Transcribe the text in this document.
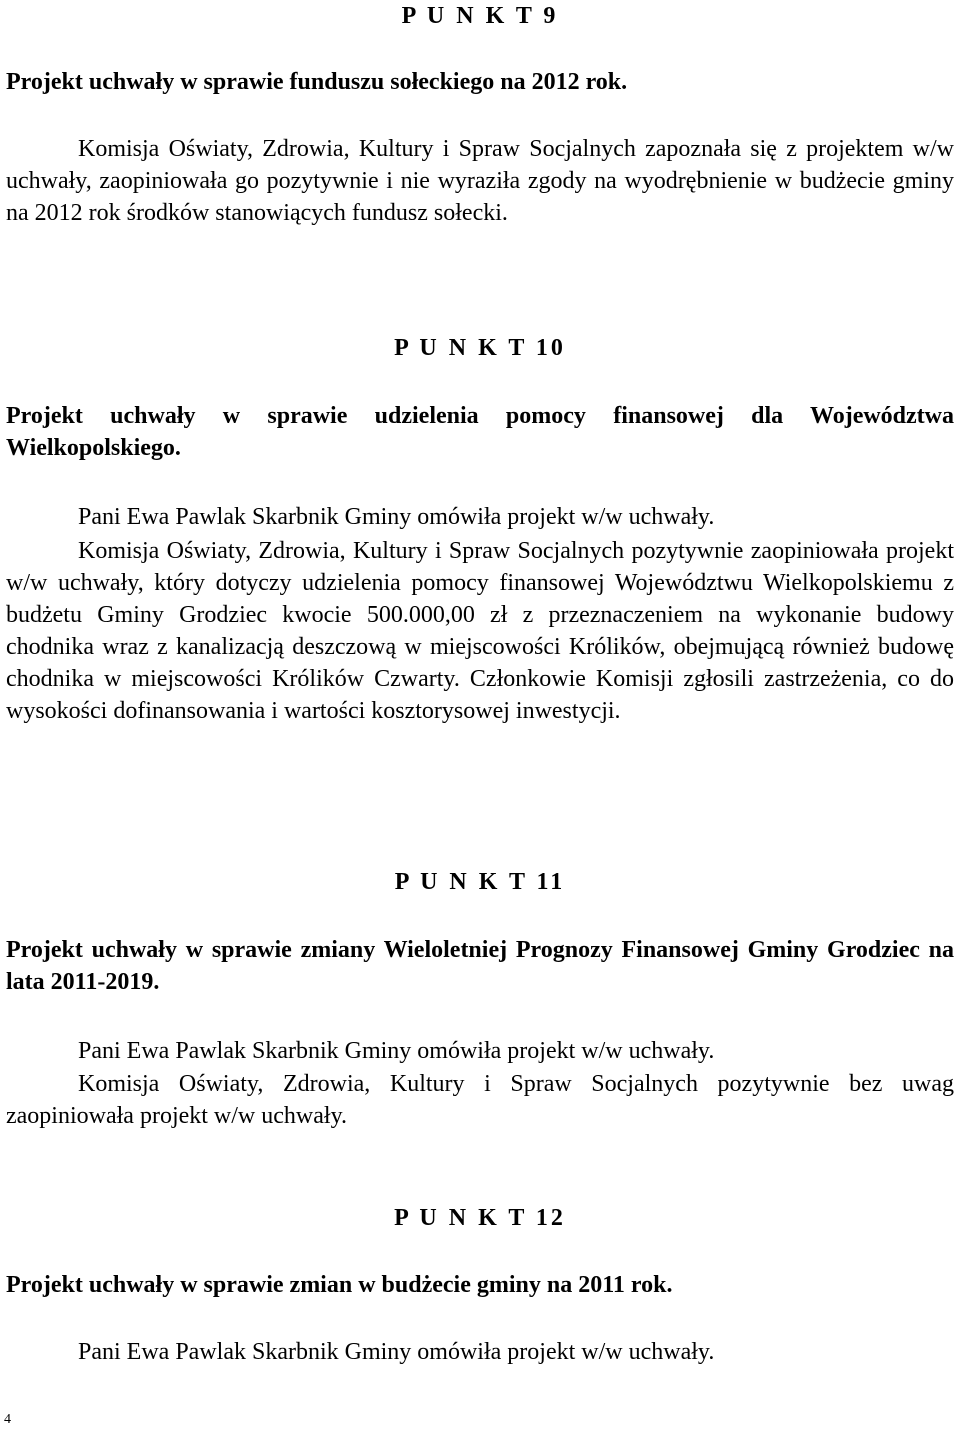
P U N K T 9
Projekt uchwały w sprawie funduszu sołeckiego na 2012 rok.

Komisja Oświaty, Zdrowia, Kultury i Spraw Socjalnych zapoznała się z projektem w/w uchwały, zaopiniowała go pozytywnie i nie wyraziła zgody na wyodrębnienie w budżecie gminy na 2012 rok środków stanowiących fundusz sołecki.

P U N K T 10
Projekt uchwały w sprawie udzielenia pomocy finansowej dla Województwa Wielkopolskiego.

Pani Ewa Pawlak Skarbnik Gminy omówiła projekt w/w uchwały.

Komisja Oświaty, Zdrowia, Kultury i Spraw Socjalnych pozytywnie zaopiniowała projekt w/w uchwały, który dotyczy udzielenia pomocy finansowej Województwu Wielkopolskiemu z budżetu Gminy Grodziec kwocie 500.000,00 zł z przeznaczeniem na wykonanie budowy chodnika wraz z kanalizacją deszczową w miejscowości Królików, obejmującą również budowę chodnika w miejscowości Królików Czwarty. Członkowie Komisji zgłosili zastrzeżenia, co do wysokości dofinansowania i wartości kosztorysowej inwestycji.

P U N K T 11
Projekt uchwały w sprawie zmiany Wieloletniej Prognozy Finansowej Gminy Grodziec na lata 2011-2019.

Pani Ewa Pawlak Skarbnik Gminy omówiła projekt w/w uchwały.

Komisja Oświaty, Zdrowia, Kultury i Spraw Socjalnych pozytywnie bez uwag zaopiniowała projekt w/w uchwały.

P U N K T 12
Projekt uchwały w sprawie zmian w budżecie gminy na 2011 rok.

Pani Ewa Pawlak Skarbnik Gminy omówiła projekt w/w uchwały.

4
